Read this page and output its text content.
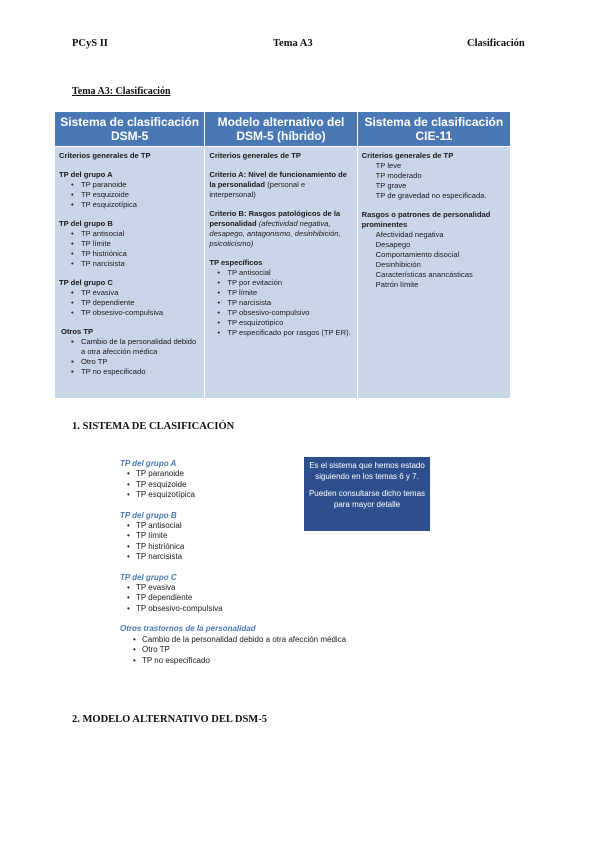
PCyS II	Tema A3	Clasificación
Tema A3: Clasificación
Sistema de clasificación DSM-5
Criterios generales de TP
TP del grupo A
• TP paranoide
• TP esquizoide
• TP esquizotípica
TP del grupo B
• TP antisocial
• TP límite
• TP histriónica
• TP narcisista
TP del grupo C
• TP evasiva
• TP dependiente
• TP obsesivo-compulsiva
Otros TP
▪ Cambio de la personalidad debido a otra afección médica
▪ Otro TP
▪ TP no especificado
Modelo alternativo del DSM-5 (híbrido)
Criterios generales de TP
Criterio A: Nivel de funcionamiento de la personalidad (personal e interpersonal)
Criterio B: Rasgos patológicos de la personalidad (afectividad negativa, desapego, antagonismo, desinhibición, psicoticismo)
TP específicos
• TP antisocial
• TP por evitación
• TP límite
• TP narcisista
• TP obsesivo-compulsivo
• TP esquizotípico
• TP especificado por rasgos (TP ER).
Sistema de clasificación CIE-11
Criterios generales de TP
TP leve
TP moderado
TP grave
TP de gravedad no especificada.
Rasgos o patrones de personalidad prominentes
Afectividad negativa
Desapego
Comportamiento disocial
Desinhibición
Características anancásticas
Patrón límite
1. SISTEMA DE CLASIFICACIÓN
TP del grupo A
• TP paranoide
• TP esquizoide
• TP esquizotípica
TP del grupo B
• TP antisocial
• TP límite
• TP histriónica
• TP narcisista
TP del grupo C
• TP evasiva
• TP dependiente
• TP obsesivo-compulsiva
Otros trastornos de la personalidad
• Cambio de la personalidad debido a otra afección médica
• Otro TP
• TP no especificado

Es el sistema que hemos estado siguiendo en los temas 6 y 7.

Pueden consultarse dicho temas para mayor detalle

2. MODELO ALTERNATIVO DEL DSM-5
